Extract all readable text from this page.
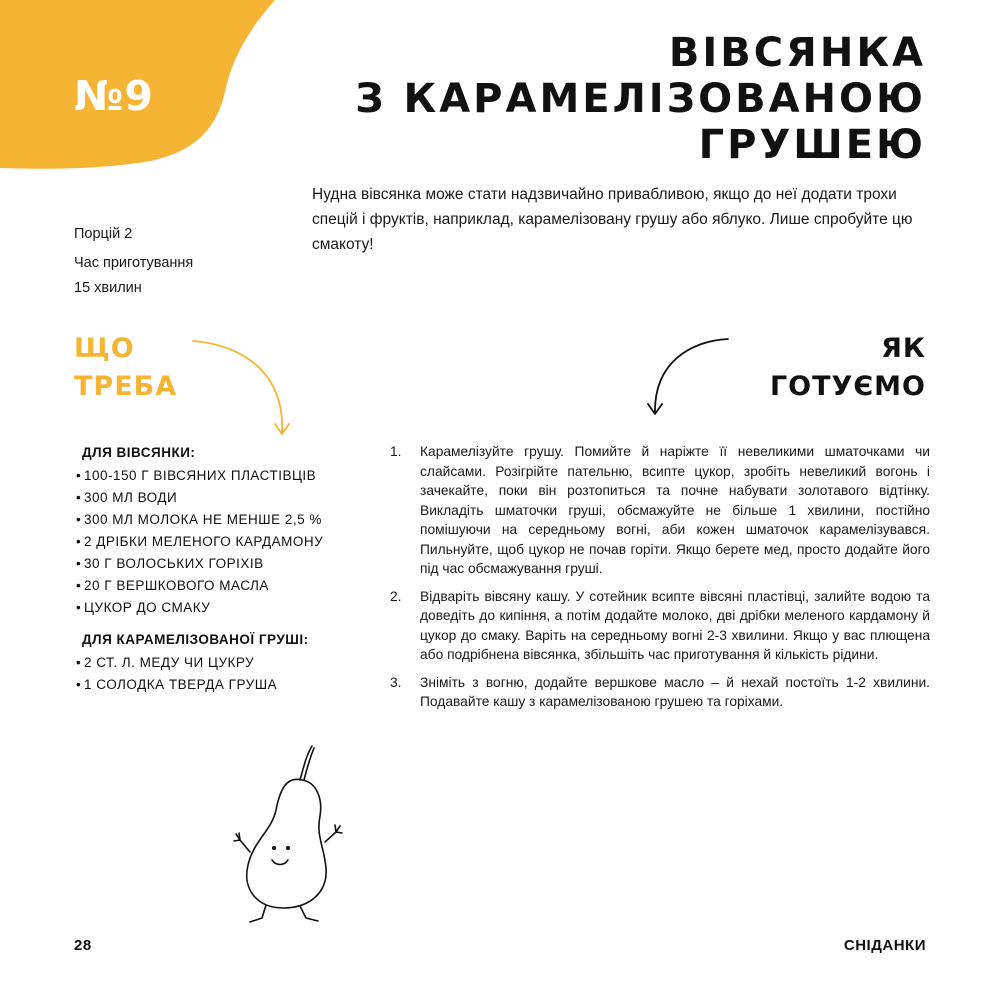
№9
ВІВСЯНКА
З КАРАМЕЛІЗОВАНОЮ
ГРУШЕЮ
Нудна вівсянка може стати надзвичайно привабливою, якщо до неї додати трохи спецій і фруктів, наприклад, карамелізовану грушу або яблуко. Лише спробуйте цю смакоту!
Порцій 2
Час приготування
15 хвилин
ЩО
ТРЕБА
ЯК
ГОТУЄМО
ДЛЯ ВІВСЯНКИ:
• 100-150 Г ВІВСЯНИХ ПЛАСТІВЦІВ
• 300 МЛ ВОДИ
• 300 МЛ МОЛОКА НЕ МЕНШЕ 2,5 %
• 2 ДРІБКИ МЕЛЕНОГО КАРДАМОНУ
• 30 Г ВОЛОСЬКИХ ГОРІХІВ
• 20 Г ВЕРШКОВОГО МАСЛА
• ЦУКОР ДО СМАКУ
ДЛЯ КАРАМЕЛІЗОВАНОЇ ГРУШІ:
• 2 СТ. Л. МЕДУ ЧИ ЦУКРУ
• 1 СОЛОДКА ТВЕРДА ГРУША
1. Карамелізуйте грушу. Помийте й наріжте її невеликими шматочками чи слайсами. Розігрійте пательню, всипте цукор, зробіть невеликий вогонь і зачекайте, поки він розтопиться та почне набувати золотавого відтінку. Викладіть шматочки груші, обсмажуйте не більше 1 хвилини, постійно помішуючи на середньому вогні, аби кожен шматочок карамелізувався. Пильнуйте, щоб цукор не почав горіти. Якщо берете мед, просто додайте його під час обсмажування груші.
2. Відваріть вівсяну кашу. У сотейник всипте вівсяні пластівці, залийте водою та доведіть до кипіння, а потім додайте молоко, дві дрібки меленого кардамону й цукор до смаку. Варіть на середньому вогні 2-3 хвилини. Якщо у вас плющена або подрібнена вівсянка, збільшіть час приготування й кількість рідини.
3. Зніміть з вогню, додайте вершкове масло – й нехай постоїть 1-2 хвилини. Подавайте кашу з карамелізованою грушею та горіхами.
28	СНІДАНКИ
